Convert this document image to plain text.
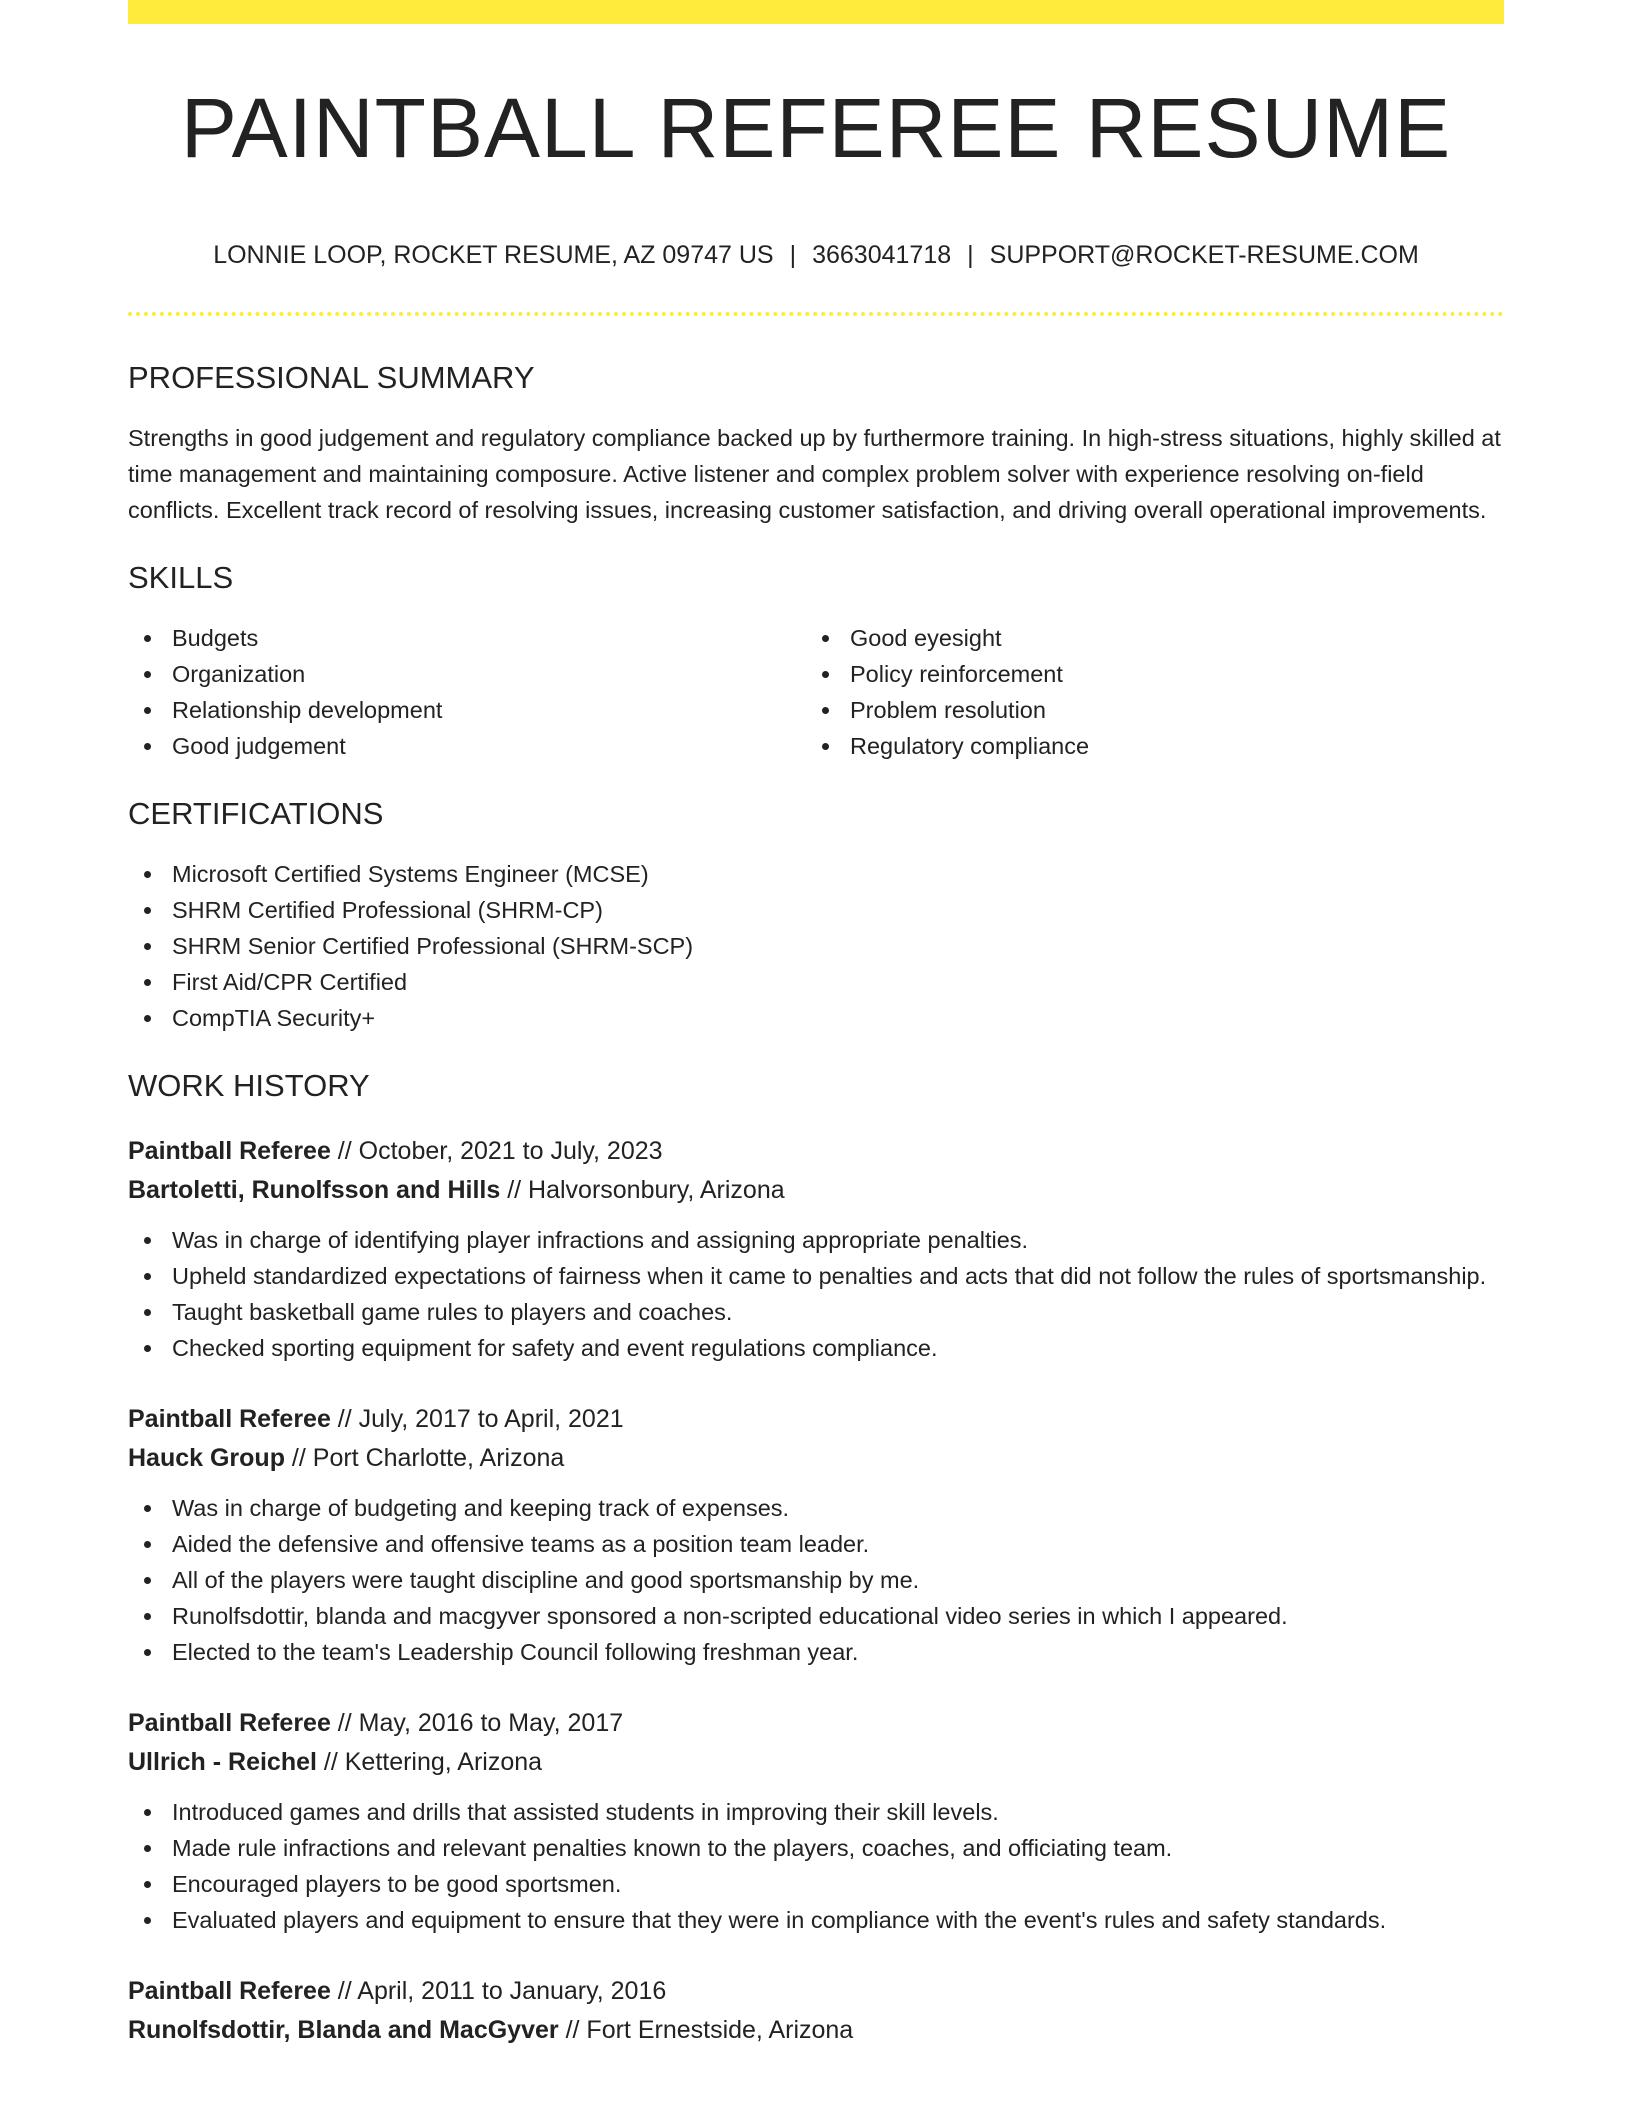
PAINTBALL REFEREE RESUME
LONNIE LOOP, ROCKET RESUME, AZ 09747 US | 3663041718 | SUPPORT@ROCKET-RESUME.COM
PROFESSIONAL SUMMARY

Strengths in good judgement and regulatory compliance backed up by furthermore training. In high-stress situations, highly skilled at time management and maintaining composure. Active listener and complex problem solver with experience resolving on-field conflicts. Excellent track record of resolving issues, increasing customer satisfaction, and driving overall operational improvements.

SKILLS
Budgets
Organization
Relationship development
Good judgement
Good eyesight
Policy reinforcement
Problem resolution
Regulatory compliance
CERTIFICATIONS
Microsoft Certified Systems Engineer (MCSE)
SHRM Certified Professional (SHRM-CP)
SHRM Senior Certified Professional (SHRM-SCP)
First Aid/CPR Certified
CompTIA Security+
WORK HISTORY
Paintball Referee // October, 2021 to July, 2023
Bartoletti, Runolfsson and Hills // Halvorsonbury, Arizona
Was in charge of identifying player infractions and assigning appropriate penalties.
Upheld standardized expectations of fairness when it came to penalties and acts that did not follow the rules of sportsmanship.
Taught basketball game rules to players and coaches.
Checked sporting equipment for safety and event regulations compliance.
Paintball Referee // July, 2017 to April, 2021
Hauck Group // Port Charlotte, Arizona
Was in charge of budgeting and keeping track of expenses.
Aided the defensive and offensive teams as a position team leader.
All of the players were taught discipline and good sportsmanship by me.
Runolfsdottir, blanda and macgyver sponsored a non-scripted educational video series in which I appeared.
Elected to the team's Leadership Council following freshman year.
Paintball Referee // May, 2016 to May, 2017
Ullrich - Reichel // Kettering, Arizona
Introduced games and drills that assisted students in improving their skill levels.
Made rule infractions and relevant penalties known to the players, coaches, and officiating team.
Encouraged players to be good sportsmen.
Evaluated players and equipment to ensure that they were in compliance with the event's rules and safety standards.
Paintball Referee // April, 2011 to January, 2016
Runolfsdottir, Blanda and MacGyver // Fort Ernestside, Arizona
